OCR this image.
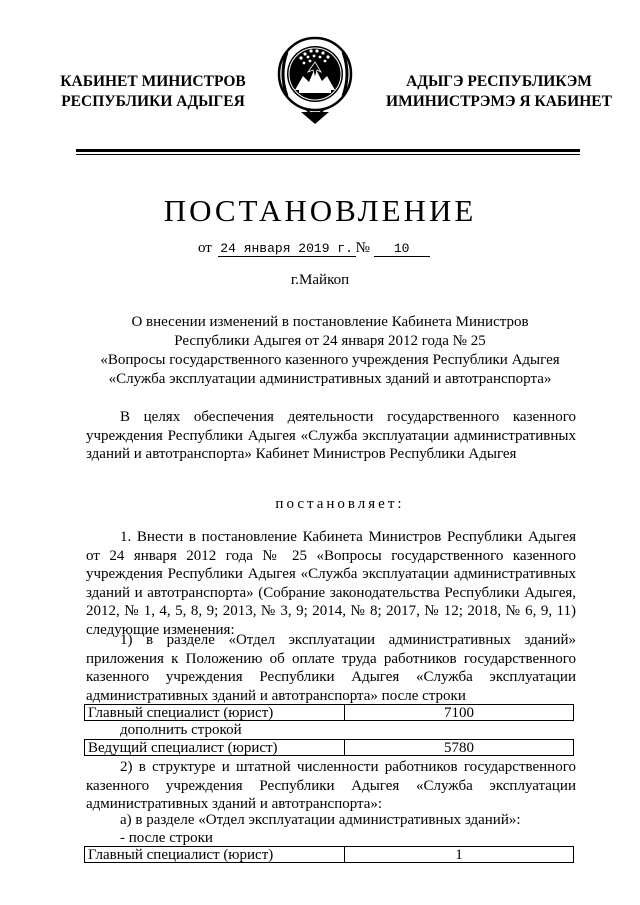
КАБИНЕТ МИНИСТРОВ
РЕСПУБЛИКИ АДЫГЕЯ
АДЫГЭ РЕСПУБЛИКЭМ
ИМИНИСТРЭМЭ Я КАБИНЕТ
ПОСТАНОВЛЕНИЕ
от 24 января 2019 г. № 10
г.Майкоп
О внесении изменений в постановление Кабинета Министров
Республики Адыгея от 24 января 2012 года № 25
«Вопросы государственного казенного учреждения Республики Адыгея
«Служба эксплуатации административных зданий и автотранспорта»
В целях обеспечения деятельности государственного казенного учреждения Республики Адыгея «Служба эксплуатации административных зданий и автотранспорта» Кабинет Министров Республики Адыгея
постановляет:
1. Внести в постановление Кабинета Министров Республики Адыгея от 24 января 2012 года № 25 «Вопросы государственного казенного учреждения Республики Адыгея «Служба эксплуатации административных зданий и автотранспорта» (Собрание законодательства Республики Адыгея, 2012, № 1, 4, 5, 8, 9; 2013, № 3, 9; 2014, № 8; 2017, № 12; 2018, № 6, 9, 11) следующие изменения:
1) в разделе «Отдел эксплуатации административных зданий» приложения к Положению об оплате труда работников государственного казенного учреждения Республики Адыгея «Служба эксплуатации административных зданий и автотранспорта» после строки
Главный специалист (юрист)	7100
дополнить строкой
Ведущий специалист (юрист)	5780
2) в структуре и штатной численности работников государственного казенного учреждения Республики Адыгея «Служба эксплуатации административных зданий и автотранспорта»:
а) в разделе «Отдел эксплуатации административных зданий»:
- после строки
Главный специалист (юрист)	1
